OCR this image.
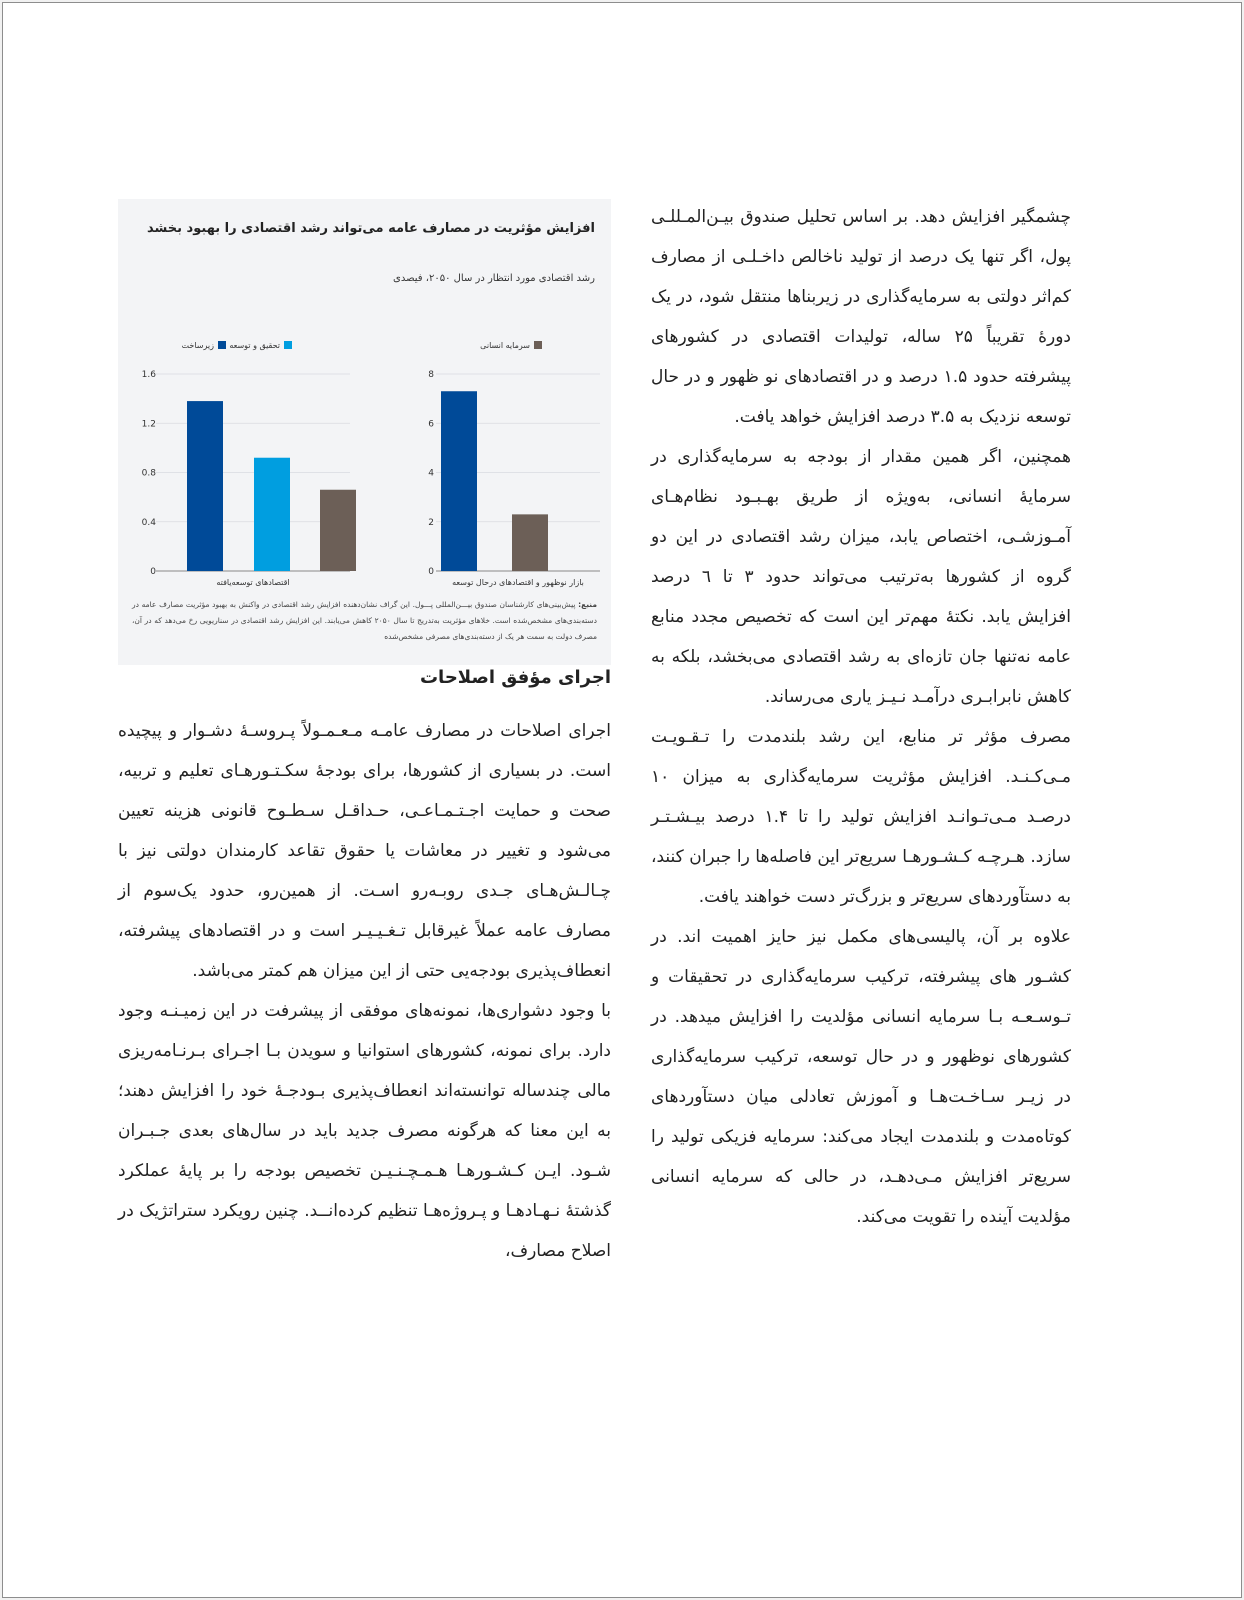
افزایش مؤثریت در مصارف عامه می‌تواند رشد اقتصادی را بهبود بخشد
رشد اقتصادی مورد انتظار در سال ۲۰۵۰، فیصدی
0
0.4
0.8
1.2
1.6
اقتصادهای توسعه‌یافته
زیرساخت تحقیق و توسعه
0
2
4
6
8
بازار نوظهور و اقتصادهای درحال توسعه
سرمایه انسانی
منبع: پیش‌بینی‌های کارشناسان صندوق بیـــن‌المللی پـــول. این گراف نشان‌دهنده افزایش رشد اقتصادی در واکنش به بهبود مؤثریت مصارف عامه در دسته‌بندی‌های مشخص‌شده است. خلاهای مؤثریت به‌تدریج تا سال ۲۰۵۰ کاهش می‌یابند. این افزایش رشد اقتصادی در سناریویی رخ می‌دهد که در آن، مصرف دولت به سمت هر یک از دسته‌بندی‌های مصرفی مشخص‌شده
اجرای مؤفق اصلاحات

چشمگیر افزایش دهد. بر اساس تحلیل صندوق بیـن‌المـللـی پول، اگر تنها یک درصد از تولید ناخالص داخـلـی از مصارف کم‌اثر دولتی به سرمایه‌گذاری در زیربناها منتقل شود، در یک دورهٔ تقریباً ۲۵ ساله، تولیدات اقتصادی در کشورهای پیشرفته حدود ۱.۵ درصد و در اقتصادهای نو ظهور و در حال توسعه نزدیک به ۳.۵ درصد افزایش خواهد یافت.

همچنین، اگر همین مقدار از بودجه به سرمایه‌گذاری در سرمایهٔ انسانی، به‌ویژه از طریق بهـبـود نظام‌هـای آمـوزشـی، اختصاص یابد، میزان رشد اقتصادی در این دو گروه از کشورها به‌ترتیب می‌تواند حدود ۳ تا ٦ درصد افزایش یابد. نکتهٔ مهم‌تر این است که تخصیص مجدد منابع عامه نه‌تنها جان تازه‌ای به رشد اقتصادی می‌بخشد، بلکه به کاهش نابرابـری درآمـد نـیـز یاری می‌رساند.

مصرف مؤثر تر منابع، این رشد بلندمدت را تـقـویـت مـی‌کـنـد. افزایش مؤثریت سرمایه‌گذاری به میزان ۱۰ درصـد مـی‌تـوانـد افزایش تولید را تا ۱.۴ درصد بیـشـتـر سازد. هـرچـه کـشـورهـا سریع‌تر این فاصله‌ها را جبران کنند، به دستآوردهای سریع‌تر و بزرگ‌تر دست خواهند یافت.

علاوه بر آن، پالیسی‌های مکمل نیز حایز اهمیت اند. در کشـور های پیشرفته، ترکیب سرمایه‌گذاری در تحقیقات و تـوسـعـه بـا سرمایه انسانی مؤلدیت را افزایش میدهد. در کشورهای نوظهور و در حال توسعه، ترکیب سرمایه‌گذاری در زیـر سـاخـت‌هـا و آموزش تعادلی میان دستآوردهای کوتاه‌مدت و بلندمدت ایجاد می‌کند: سرمایه فزیکی تولید را سریع‌تر افزایش مـی‌دهـد، در حالی که سرمایه انسانی مؤلدیت آینده را تقویت می‌کند.

اجرای اصلاحات در مصارف عامـه مـعـمـولاً پـروسـهٔ دشـوار و پیچیده است. در بسیاری از کشورها، برای بودجهٔ سکـتـورهـای تعلیم و تربیه، صحت و حمایت اجـتـمـاعـی، حـداقـل سـطـوح قانونی هزینه تعیین می‌شود و تغییر در معاشات یا حقوق تقاعد کارمندان دولتی نیز با چـالـش‌هـای جـدی روبـه‌رو اسـت. از همین‌رو، حدود یک‌سوم از مصارف عامه عملاً غیرقابل تـغـیـیـر است و در اقتصادهای پیشرفته، انعطاف‌پذیری بودجه‌یی حتی از این میزان هم کمتر می‌باشد.

با وجود دشواری‌ها، نمونه‌های موفقی از پیشرفت در این زمیـنـه وجود دارد. برای نمونه، کشورهای استوانیا و سویدن بـا اجـرای بـرنـامه‌ریزی مالی چندساله توانسته‌اند انعطاف‌پذیری بـودجـهٔ خود را افزایش دهند؛ به این معنا که هرگونه مصرف جدید باید در سال‌های بعدی جـبـران شـود. ایـن کـشـورهـا هـمـچـنـیـن تخصیص بودجه را بر پایهٔ عملکرد گذشتهٔ نـهـادهـا و پـروژه‌هـا تنظیم کرده‌انــد. چنین رویکرد ستراتژیک در اصلاح مصارف،
